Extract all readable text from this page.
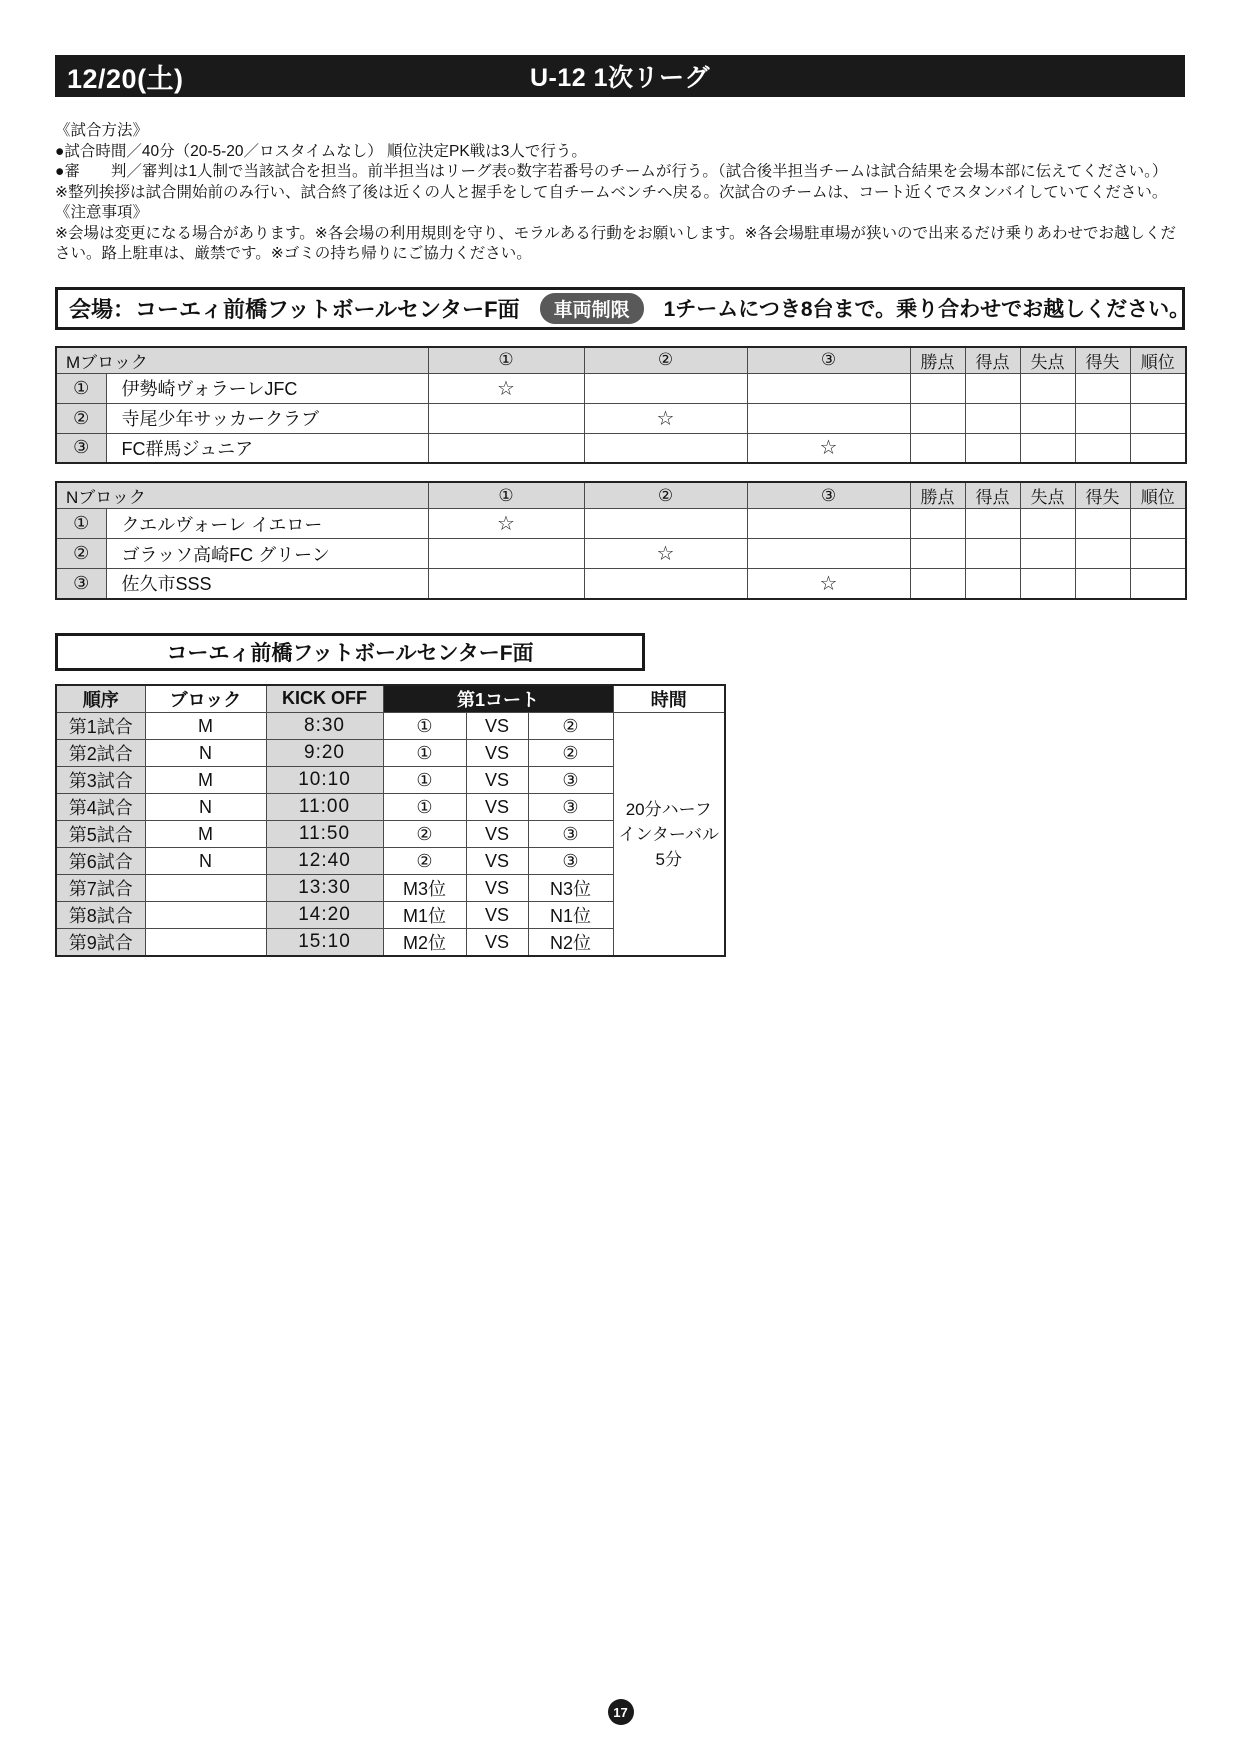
12/20(土)	U-12 1次リーグ
《試合方法》
●試合時間／40分（20-5-20／ロスタイムなし） 順位決定PK戦は3人で行う。
●審　　判／審判は1人制で当該試合を担当。前半担当はリーグ表○数字若番号のチームが行う。（試合後半担当チームは試合結果を会場本部に伝えてください。）
※整列挨拶は試合開始前のみ行い、試合終了後は近くの人と握手をして自チームベンチへ戻る。次試合のチームは、コート近くでスタンバイしていてください。
《注意事項》
※会場は変更になる場合があります。※各会場の利用規則を守り、モラルある行動をお願いします。※各会場駐車場が狭いので出来るだけ乗りあわせでお越しください。路上駐車は、厳禁です。※ゴミの持ち帰りにご協力ください。
会場：コーエィ前橋フットボールセンターF面	車両制限	1チームにつき8台まで。乗り合わせでお越しください。
Mブロック		①	②	③	勝点	得点	失点	得失	順位
①	伊勢崎ヴォラーレJFC	☆							
②	寺尾少年サッカークラブ		☆						
③	FC群馬ジュニア			☆					
Nブロック		①	②	③	勝点	得点	失点	得失	順位
①	クエルヴォーレ イエロー	☆							
②	ゴラッソ高崎FC グリーン		☆						
③	佐久市SSS			☆					
コーエィ前橋フットボールセンターF面
順序	ブロック	KICK OFF	第1コート			時間
第1試合	M	8:30	①	VS	②	20分ハーフ
インターバル
5分

第2試合	N	9:20	①	VS	②	
第3試合	M	10:10	①	VS	③	
第4試合	N	11:00	①	VS	③	
第5試合	M	11:50	②	VS	③	
第6試合	N	12:40	②	VS	③	
第7試合		13:30	M3位	VS	N3位	
第8試合		14:20	M1位	VS	N1位	
第9試合		15:10	M2位	VS	N2位	
17
